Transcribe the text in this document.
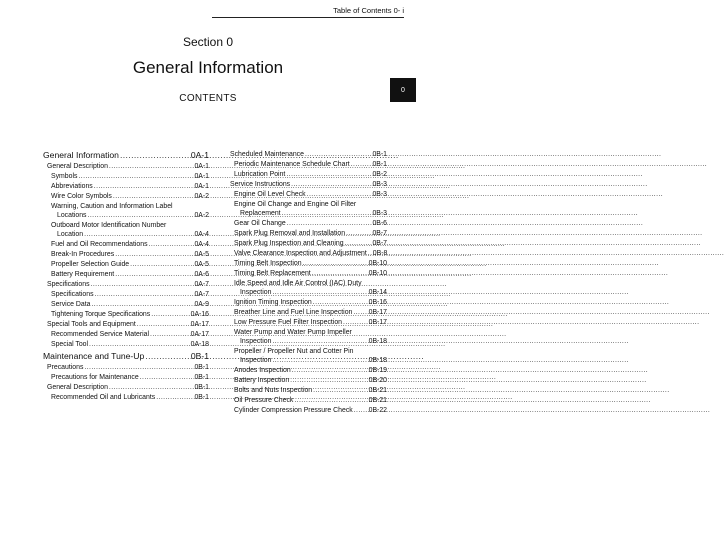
Table of Contents 0- i
Section 0
General Information
CONTENTS
0
General Information .....	0A-1
General Description .....	0A-1
Symbols .....	0A-1
Abbreviations .....	0A-1
Wire Color Symbols .....	0A-2
Warning, Caution and Information Label
Locations .....	0A-2
Outboard Motor Identification Number
Location .....	0A-4
Fuel and Oil Recommendations .....	0A-4
Break-In Procedures .....	0A-5
Propeller Selection Guide .....	0A-5
Battery Requirement .....	0A-6
Specifications .....	0A-7
Specifications .....	0A-7
Service Data .....	0A-9
Tightening Torque Specifications .....	0A-16
Special Tools and Equipment .....	0A-17
Recommended Service Material .....	0A-17
Special Tool .....	0A-18
Maintenance and Tune-Up .....	0B-1
Precautions .....	0B-1
Precautions for Maintenance .....	0B-1
General Description .....	0B-1
Recommended Oil and Lubricants .....	0B-1
Scheduled Maintenance .....	0B-1
Periodic Maintenance Schedule Chart .....	0B-1
Lubrication Point .....	0B-2
Service Instructions .....	0B-3
Engine Oil Level Check .....	0B-3
Engine Oil Change and Engine Oil Filter
Replacement .....	0B-3
Gear Oil Change .....	0B-6
Spark Plug Removal and Installation .....	0B-7
Spark Plug Inspection and Cleaning .....	0B-7
Valve Clearance Inspection and Adjustment ..... 0B-8
Timing Belt Inspection .....	0B-10
Timing Belt Replacement .....	0B-10
Idle Speed and Idle Air Control (IAC) Duty
Inspection .....	0B-14
Ignition Timing Inspection .....	0B-16
Breather Line and Fuel Line Inspection ..... 0B-17
Low Pressure Fuel Filter Inspection .....	0B-17
Water Pump and Water Pump Impeller
Inspection .....	0B-18
Propeller / Propeller Nut and Cotter Pin
Inspection .....	0B-18
Anodes Inspection .....	0B-19
Battery Inspection .....	0B-20
Bolts and Nuts Inspection .....	0B-21
Oil Pressure Check .....	0B-21
Cylinder Compression Pressure Check ..... 0B-22
